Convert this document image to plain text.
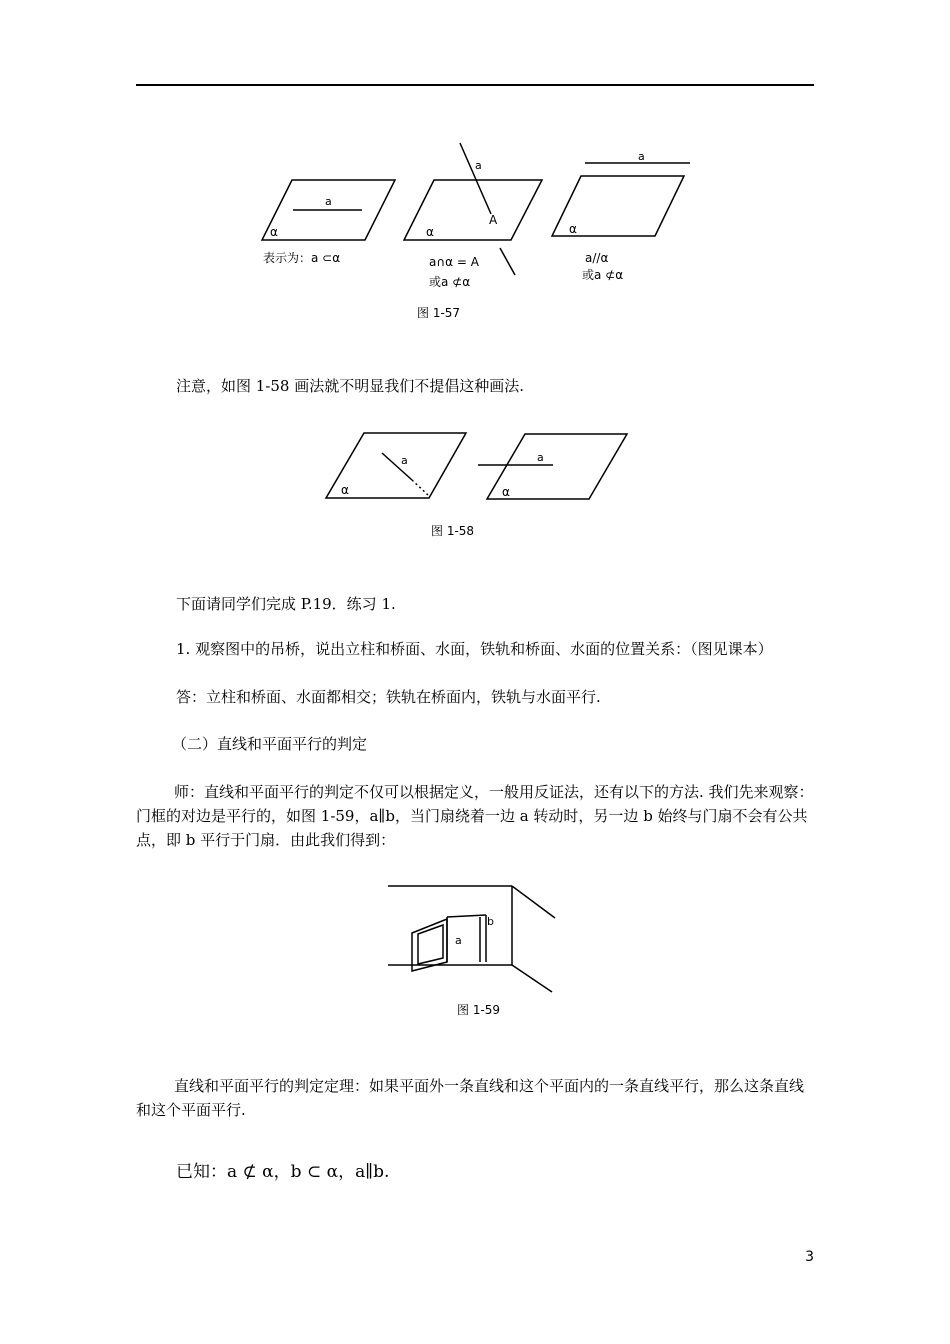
a
α
表示为：a ⊂α
a
A
α
a∩α = A
或a ⊄α
a
α
a//α
或a ⊄α
图 1-57
注意，如图 1-58 画法就不明显我们不提倡这种画法.
a
α
a
α
图 1-58
下面请同学们完成 P.19．练习 1.
1. 观察图中的吊桥，说出立柱和桥面、水面，铁轨和桥面、水面的位置关系：（图见课本）
答：立柱和桥面、水面都相交；铁轨在桥面内，铁轨与水面平行.
（二）直线和平面平行的判定
师：直线和平面平行的判定不仅可以根据定义，一般用反证法，还有以下的方法. 我们先来观察：门框的对边是平行的，如图 1-59，a∥b，当门扇绕着一边 a 转动时，另一边 b 始终与门扇不会有公共点，即 b 平行于门扇．由此我们得到：
a
b
图 1-59
直线和平面平行的判定定理：如果平面外一条直线和这个平面内的一条直线平行，那么这条直线和这个平面平行.
已知：a ⊄ α，b ⊂ α，a∥b.
3
